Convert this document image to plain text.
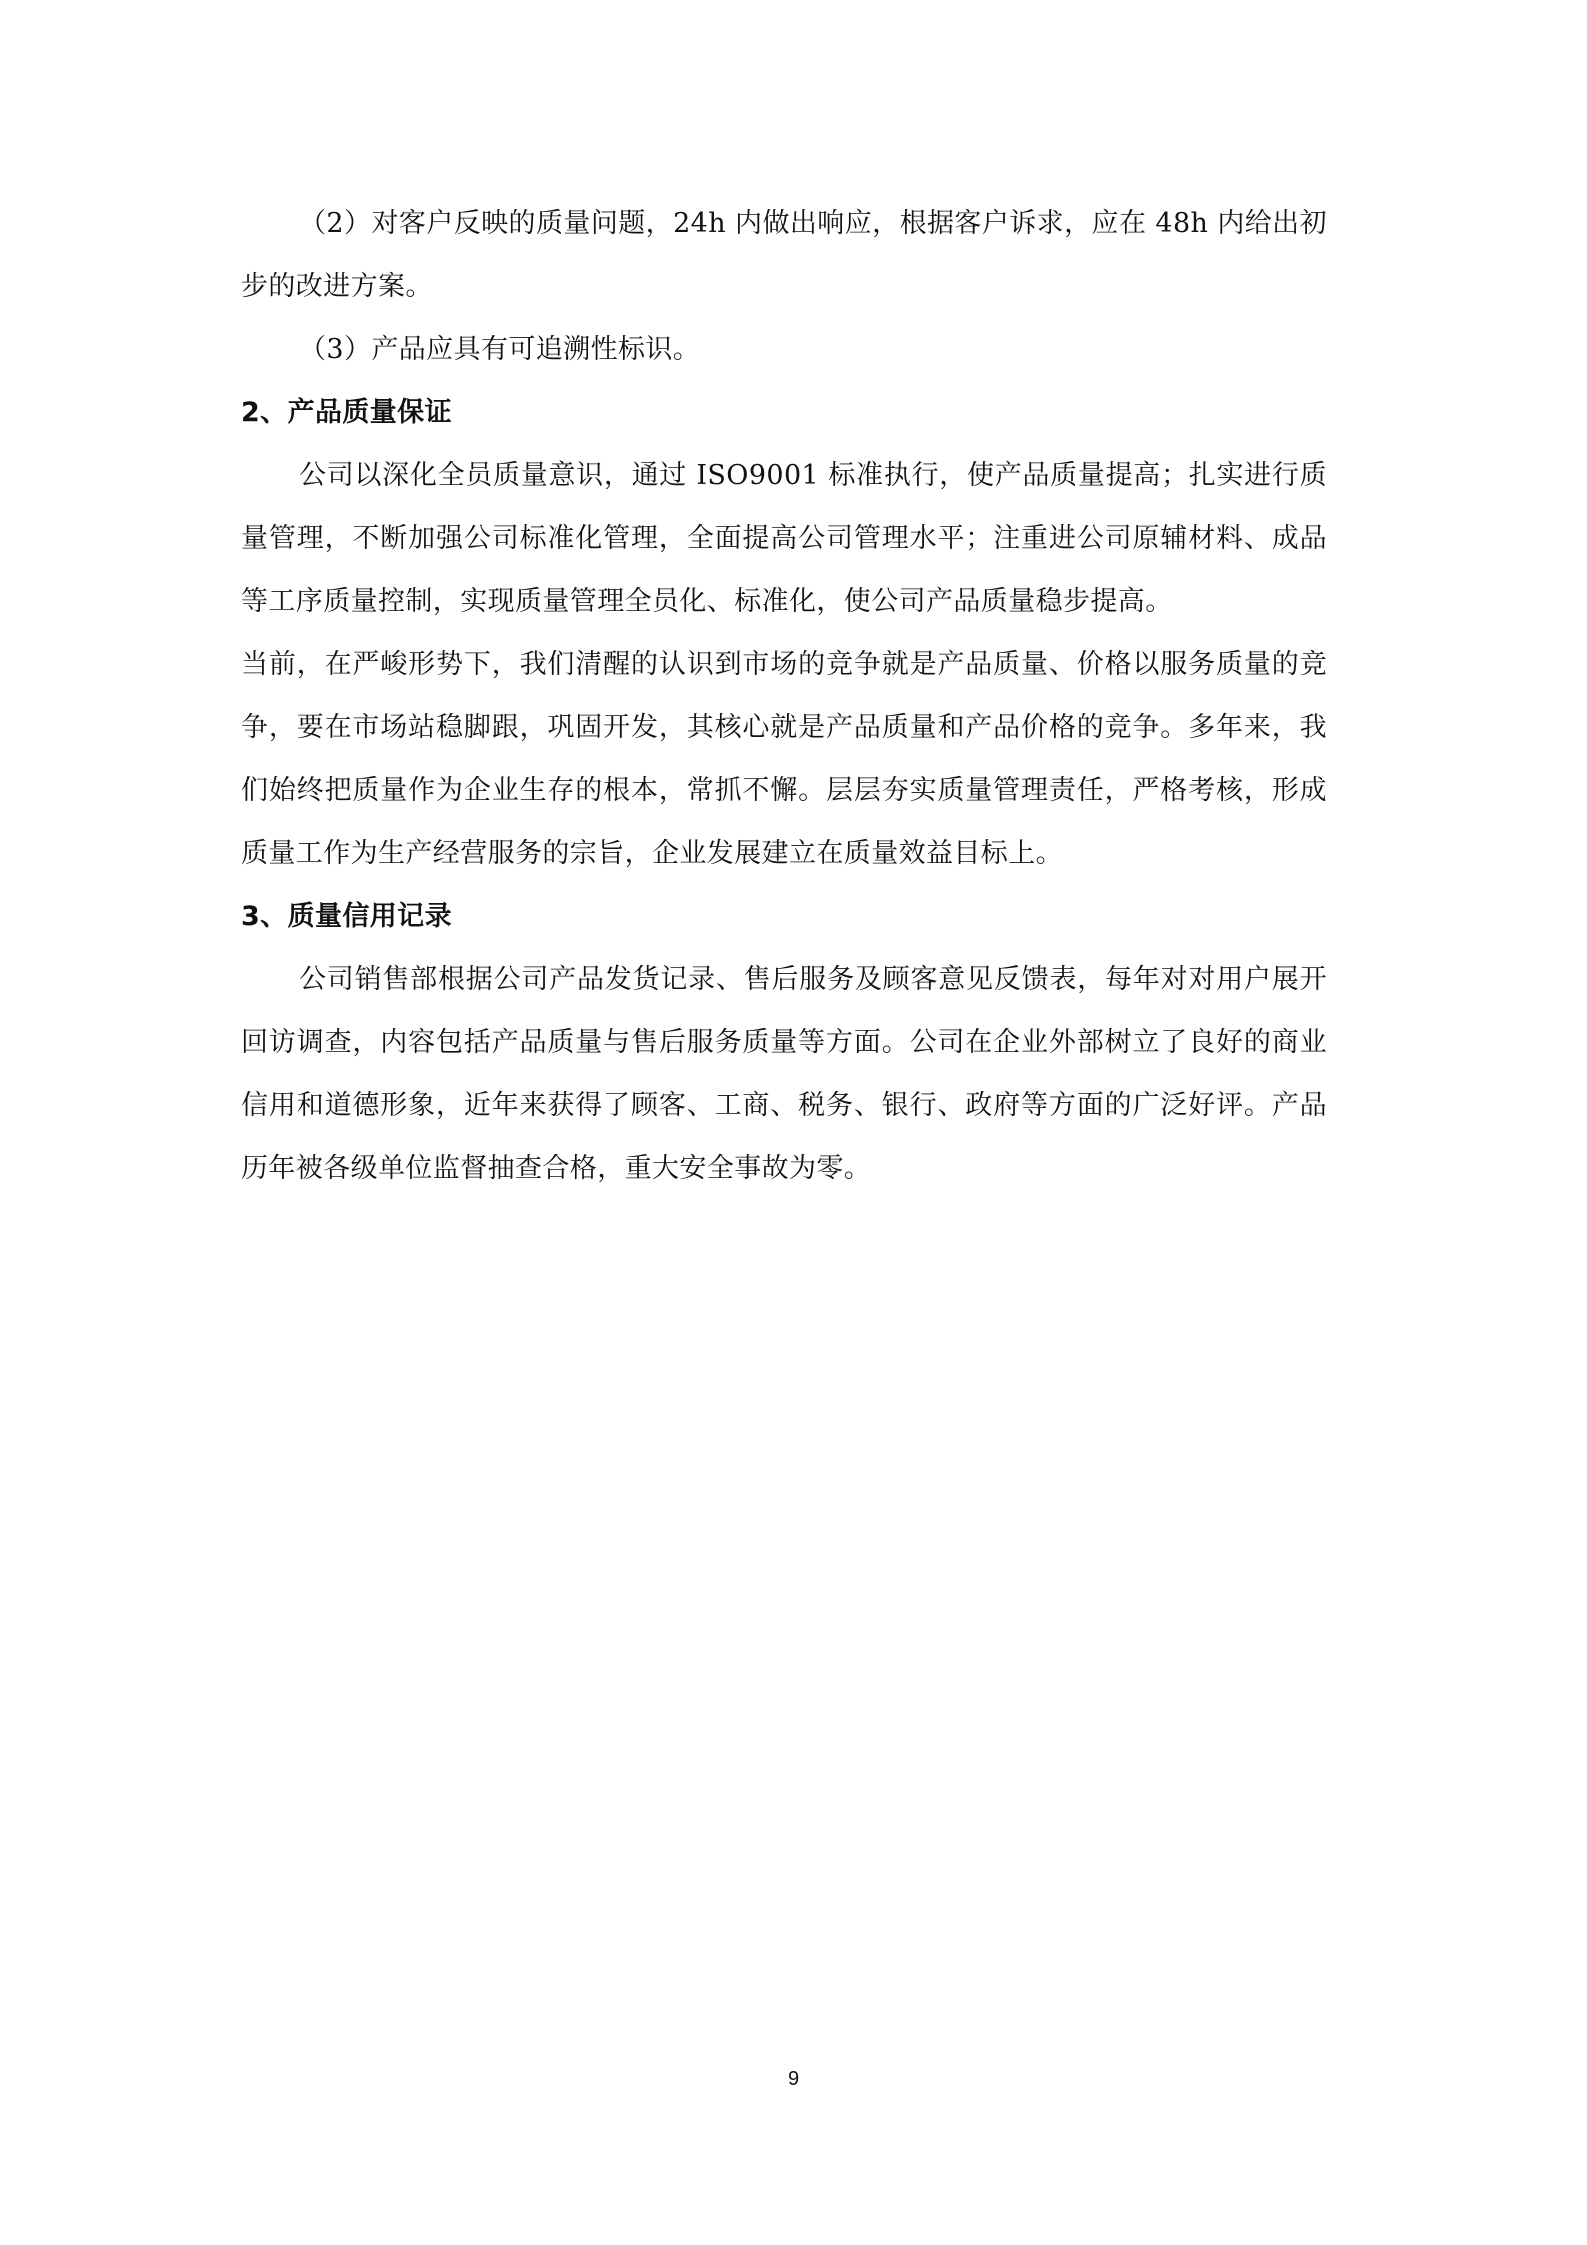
（2）对客户反映的质量问题，24h 内做出响应，根据客户诉求，应在 48h 内给出初步的改进方案。

（3）产品应具有可追溯性标识。

2、产品质量保证

公司以深化全员质量意识，通过 ISO9001 标准执行，使产品质量提高；扎实进行质量管理，不断加强公司标准化管理，全面提高公司管理水平；注重进公司原辅材料、成品等工序质量控制，实现质量管理全员化、标准化，使公司产品质量稳步提高。

当前，在严峻形势下，我们清醒的认识到市场的竞争就是产品质量、价格以服务质量的竞争，要在市场站稳脚跟，巩固开发，其核心就是产品质量和产品价格的竞争。多年来，我们始终把质量作为企业生存的根本，常抓不懈。层层夯实质量管理责任，严格考核，形成质量工作为生产经营服务的宗旨，企业发展建立在质量效益目标上。

3、质量信用记录

公司销售部根据公司产品发货记录、售后服务及顾客意见反馈表，每年对对用户展开回访调查，内容包括产品质量与售后服务质量等方面。公司在企业外部树立了良好的商业信用和道德形象，近年来获得了顾客、工商、税务、银行、政府等方面的广泛好评。产品历年被各级单位监督抽查合格，重大安全事故为零。

9
